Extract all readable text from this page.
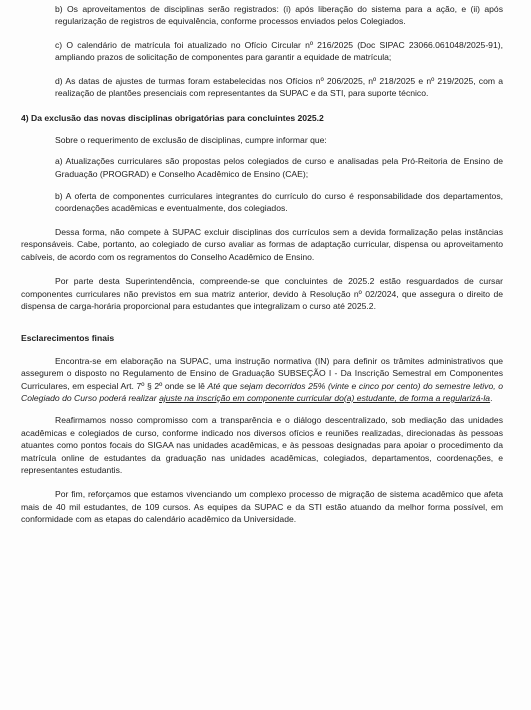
b) Os aproveitamentos de disciplinas serão registrados: (i) após liberação do sistema para a ação, e (ii) após regularização de registros de equivalência, conforme processos enviados pelos Colegiados.

c) O calendário de matrícula foi atualizado no Ofício Circular nº 216/2025 (Doc SIPAC 23066.061048/2025-91), ampliando prazos de solicitação de componentes para garantir a equidade de matrícula;

d) As datas de ajustes de turmas foram estabelecidas nos Ofícios nº 206/2025, nº 218/2025 e nº 219/2025, com a realização de plantões presenciais com representantes da SUPAC e da STI, para suporte técnico.

4) Da exclusão das novas disciplinas obrigatórias para concluintes 2025.2

Sobre o requerimento de exclusão de disciplinas, cumpre informar que:

a) Atualizações curriculares são propostas pelos colegiados de curso e analisadas pela Pró-Reitoria de Ensino de Graduação (PROGRAD) e Conselho Acadêmico de Ensino (CAE);

b) A oferta de componentes curriculares integrantes do currículo do curso é responsabilidade dos departamentos, coordenações acadêmicas e eventualmente, dos colegiados.

Dessa forma, não compete à SUPAC excluir disciplinas dos currículos sem a devida formalização pelas instâncias responsáveis. Cabe, portanto, ao colegiado de curso avaliar as formas de adaptação curricular, dispensa ou aproveitamento cabíveis, de acordo com os regramentos do Conselho Acadêmico de Ensino.

Por parte desta Superintendência, compreende-se que concluintes de 2025.2 estão resguardados de cursar componentes curriculares não previstos em sua matriz anterior, devido à Resolução nº 02/2024, que assegura o direito de dispensa de carga-horária proporcional para estudantes que integralizam o curso até 2025.2.

Esclarecimentos finais

Encontra-se em elaboração na SUPAC, uma instrução normativa (IN) para definir os trâmites administrativos que assegurem o disposto no Regulamento de Ensino de Graduação SUBSEÇÃO I - Da Inscrição Semestral em Componentes Curriculares, em especial Art. 7º § 2º onde se lê Até que sejam decorridos 25% (vinte e cinco por cento) do semestre letivo, o Colegiado do Curso poderá realizar ajuste na inscrição em componente curricular do(a) estudante, de forma a regularizá-la.

Reafirmamos nosso compromisso com a transparência e o diálogo descentralizado, sob mediação das unidades acadêmicas e colegiados de curso, conforme indicado nos diversos ofícios e reuniões realizadas, direcionadas às pessoas atuantes como pontos focais do SIGAA nas unidades acadêmicas, e às pessoas designadas para apoiar o procedimento da matrícula online de estudantes da graduação nas unidades acadêmicas, colegiados, departamentos, coordenações, e representantes estudantis.

Por fim, reforçamos que estamos vivenciando um complexo processo de migração de sistema acadêmico que afeta mais de 40 mil estudantes, de 109 cursos. As equipes da SUPAC e da STI estão atuando da melhor forma possível, em conformidade com as etapas do calendário acadêmico da Universidade.
